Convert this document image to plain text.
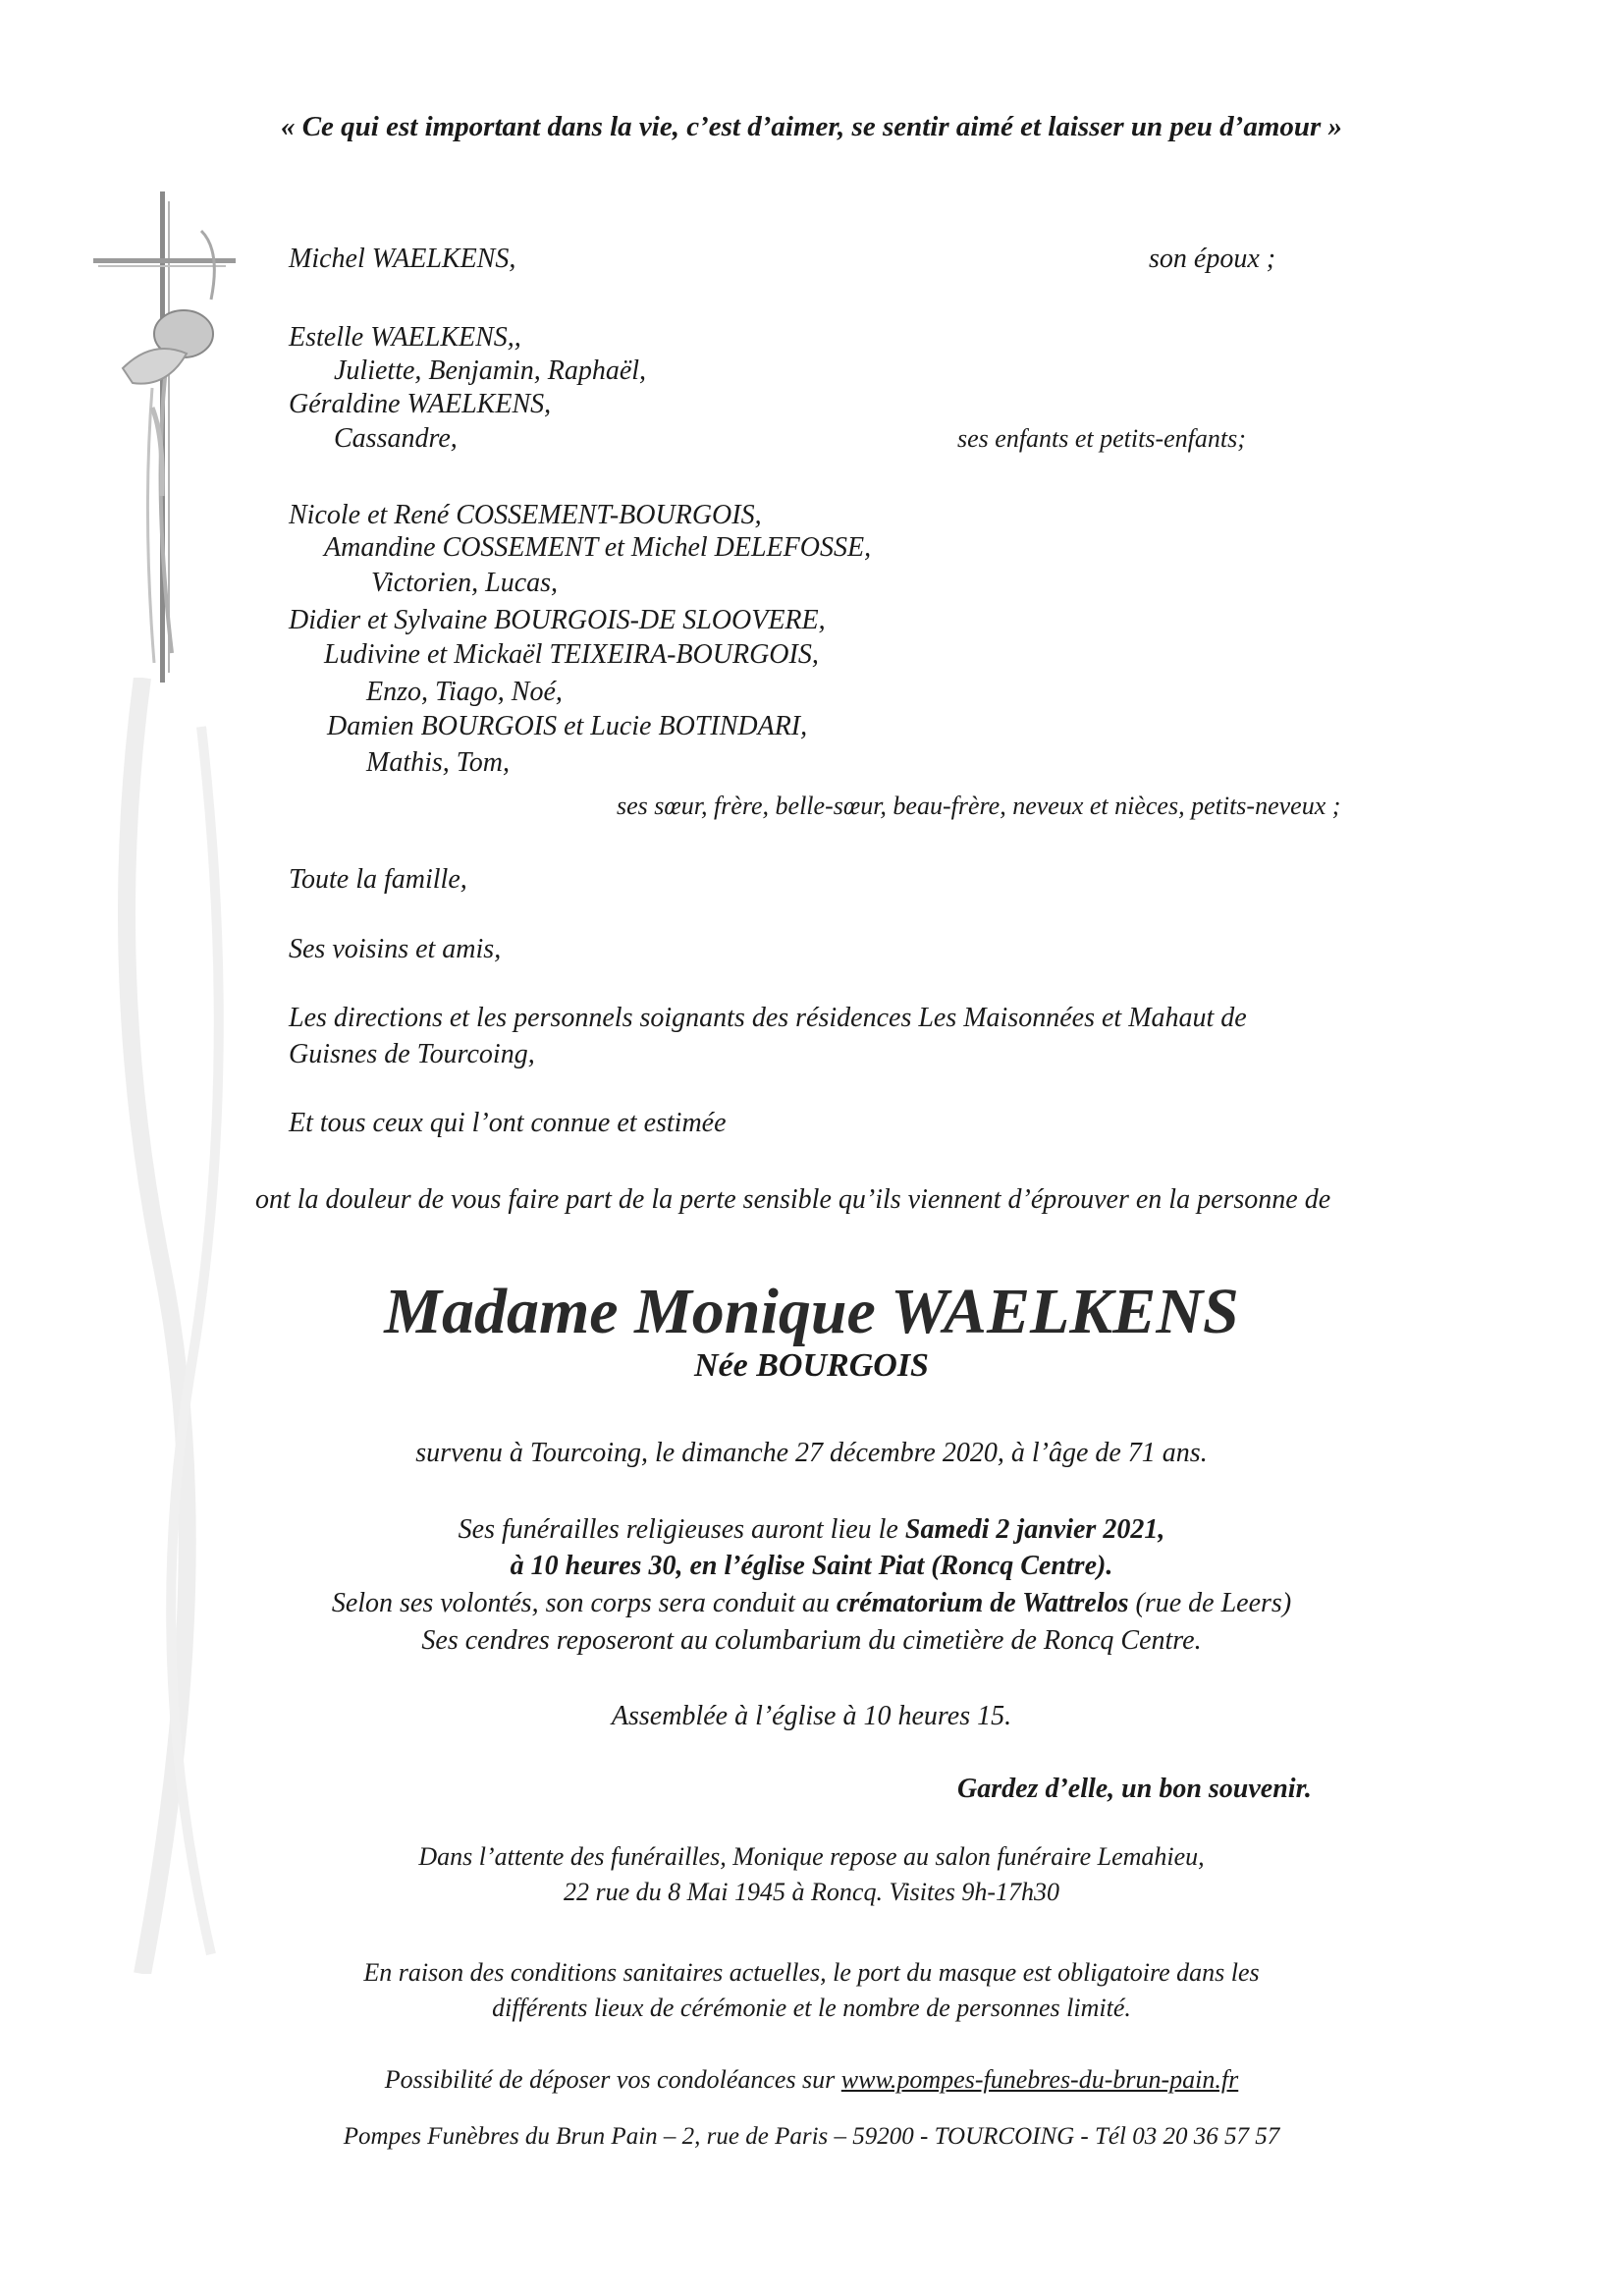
« Ce qui est important dans la vie, c’est d’aimer, se sentir aimé et laisser un peu d’amour »
Michel WAELKENS,	son époux ;
Estelle WAELKENS,,
Juliette, Benjamin, Raphaël,
Géraldine WAELKENS,
Cassandre,	ses enfants et petits-enfants;
Nicole et René COSSEMENT-BOURGOIS,
Amandine COSSEMENT et Michel DELEFOSSE,
Victorien, Lucas,
Didier et Sylvaine BOURGOIS-DE SLOOVERE,
Ludivine et Mickaël TEIXEIRA-BOURGOIS,
Enzo, Tiago, Noé,
Damien BOURGOIS et Lucie BOTINDARI,
Mathis, Tom,
ses sœur, frère, belle-sœur, beau-frère, neveux et nièces, petits-neveux ;
Toute la famille,
Ses voisins et amis,
Les directions et les personnels soignants des résidences Les Maisonnées et Mahaut de
Guisnes de Tourcoing,
Et tous ceux qui l’ont connue et estimée
ont la douleur de vous faire part de la perte sensible qu’ils viennent d’éprouver en la personne de
Madame Monique WAELKENS
Née BOURGOIS
survenu à Tourcoing, le dimanche 27 décembre 2020, à l’âge de 71 ans.
Ses funérailles religieuses auront lieu le Samedi 2 janvier 2021,
à 10 heures 30, en l’église Saint Piat (Roncq Centre).
Selon ses volontés, son corps sera conduit au crématorium de Wattrelos (rue de Leers)
Ses cendres reposeront au columbarium du cimetière de Roncq Centre.
Assemblée à l’église à 10 heures 15.
Gardez d’elle, un bon souvenir.
Dans l’attente des funérailles, Monique repose au salon funéraire Lemahieu,
22 rue du 8 Mai 1945 à Roncq. Visites 9h-17h30
En raison des conditions sanitaires actuelles, le port du masque est obligatoire dans les
différents lieux de cérémonie et le nombre de personnes limité.
Possibilité de déposer vos condoléances sur www.pompes-funebres-du-brun-pain.fr
Pompes Funèbres du Brun Pain – 2, rue de Paris – 59200 - TOURCOING - Tél 03 20 36 57 57
